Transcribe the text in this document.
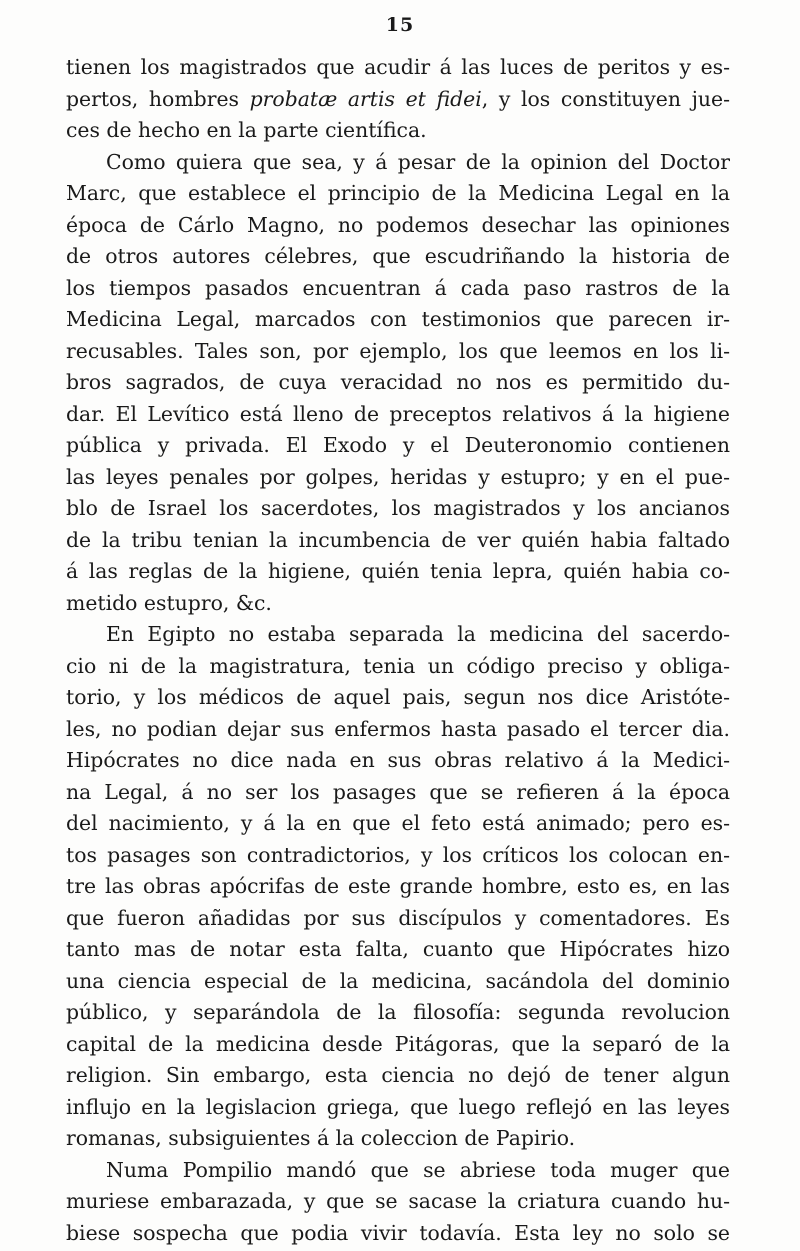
15
tienen los magistrados que acudir á las luces de peritos y es-
pertos, hombres probatæ artis et fidei, y los constituyen jue-
ces de hecho en la parte científica.
Como quiera que sea, y á pesar de la opinion del Doctor
Marc, que establece el principio de la Medicina Legal en la
época de Cárlo Magno, no podemos desechar las opiniones
de otros autores célebres, que escudriñando la historia de
los tiempos pasados encuentran á cada paso rastros de la
Medicina Legal, marcados con testimonios que parecen ir-
recusables. Tales son, por ejemplo, los que leemos en los li-
bros sagrados, de cuya veracidad no nos es permitido du-
dar. El Levítico está lleno de preceptos relativos á la higiene
pública y privada. El Exodo y el Deuteronomio contienen
las leyes penales por golpes, heridas y estupro; y en el pue-
blo de Israel los sacerdotes, los magistrados y los ancianos
de la tribu tenian la incumbencia de ver quién habia faltado
á las reglas de la higiene, quién tenia lepra, quién habia co-
metido estupro, &c.
En Egipto no estaba separada la medicina del sacerdo-
cio ni de la magistratura, tenia un código preciso y obliga-
torio, y los médicos de aquel pais, segun nos dice Aristóte-
les, no podian dejar sus enfermos hasta pasado el tercer dia.
Hipócrates no dice nada en sus obras relativo á la Medici-
na Legal, á no ser los pasages que se refieren á la época
del nacimiento, y á la en que el feto está animado; pero es-
tos pasages son contradictorios, y los críticos los colocan en-
tre las obras apócrifas de este grande hombre, esto es, en las
que fueron añadidas por sus discípulos y comentadores. Es
tanto mas de notar esta falta, cuanto que Hipócrates hizo
una ciencia especial de la medicina, sacándola del dominio
público, y separándola de la filosofía: segunda revolucion
capital de la medicina desde Pitágoras, que la separó de la
religion. Sin embargo, esta ciencia no dejó de tener algun
influjo en la legislacion griega, que luego reflejó en las leyes
romanas, subsiguientes á la coleccion de Papirio.
Numa Pompilio mandó que se abriese toda muger que
muriese embarazada, y que se sacase la criatura cuando hu-
biese sospecha que podia vivir todavía. Esta ley no solo se
